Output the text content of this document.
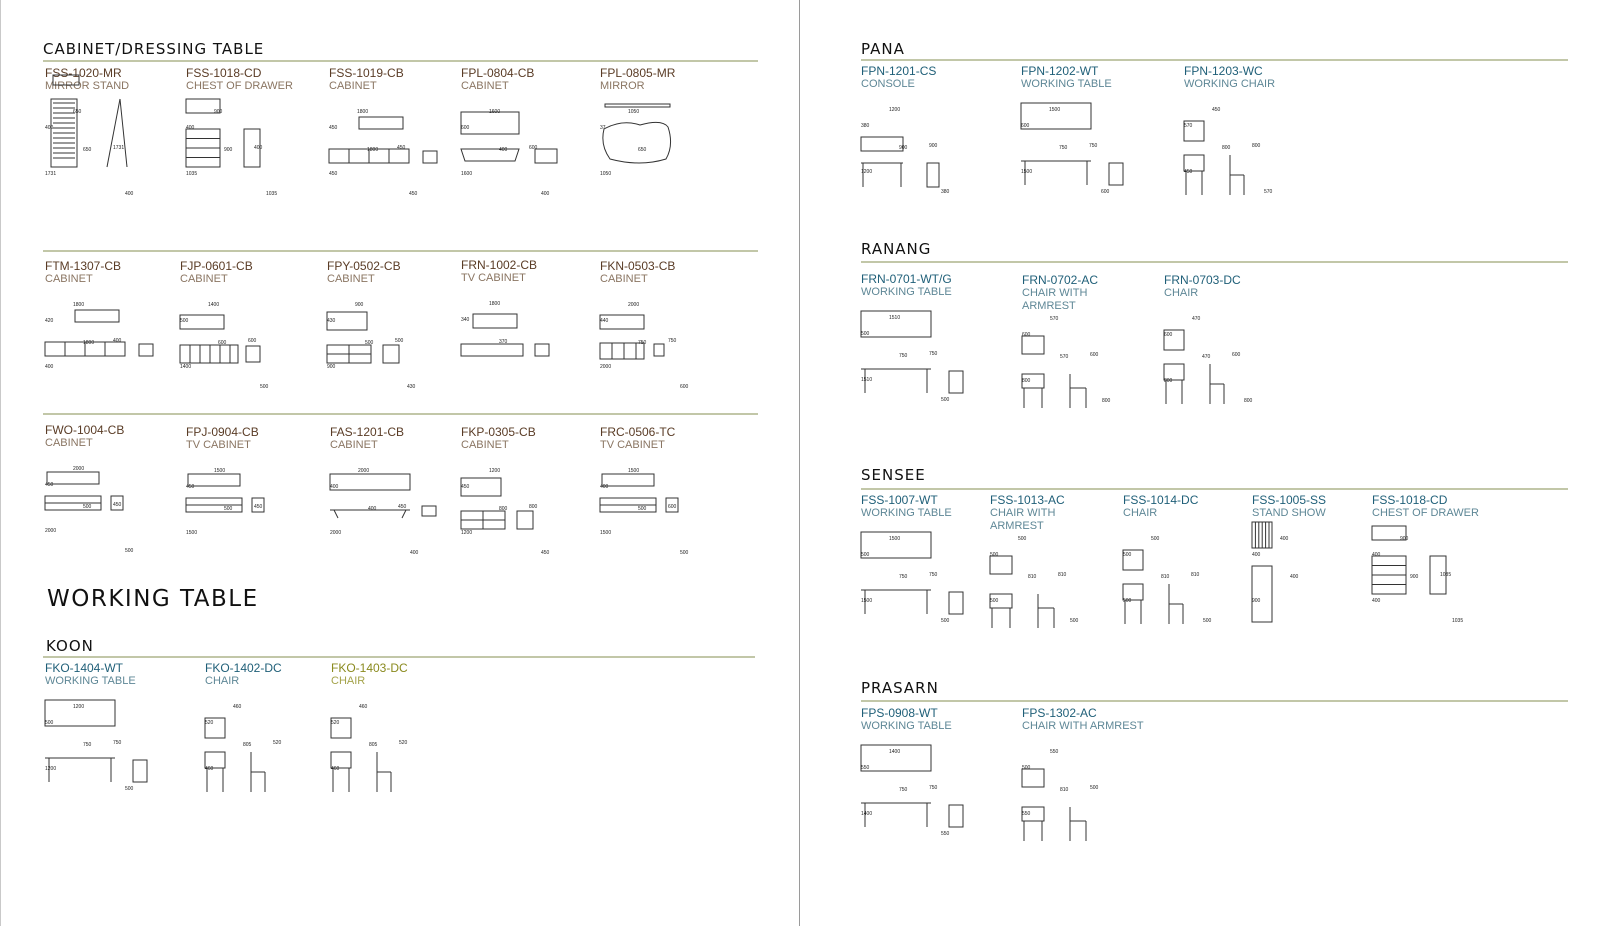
CABINET/DRESSING TABLE
WORKING TABLE
KOON
PANA
RANANG
SENSEE
PRASARN
FSS-1020-MR
MIRROR STAND
650
400
650
1731
1731
400
FSS-1018-CD
CHEST OF DRAWER
900
400
900
1035
400
1035
FSS-1019-CB
CABINET
1800
450
1800
450
450
450
FPL-0804-CB
CABINET
1600
600
400
1600
600
400
FPL-0805-MR
MIRROR
1050
37
650
1050
FTM-1307-CB
CABINET
1800
420
1800
400
400
FJP-0601-CB
CABINET
1400
500
600
1400
600
500
FPY-0502-CB
CABINET
900
430
500
900
500
430
FRN-1002-CB
TV CABINET
1800
340
370
FKN-0503-CB
CABINET
2000
440
750
2000
750
600
FWO-1004-CB
CABINET
2000
450
500
2000
450
500
FPJ-0904-CB
TV CABINET
1500
450
500
1500
450
FAS-1201-CB
CABINET
2000
400
400
2000
450
400
FKP-0305-CB
CABINET
1200
450
800
1200
800
450
FRC-0506-TC
TV CABINET
1500
400
500
1500
600
500
FKO-1404-WT
WORKING TABLE
1200
500
750
1200
750
500
FKO-1402-DC
CHAIR
460
520
805
460
520
FKO-1403-DC
CHAIR
460
520
805
460
520
FPN-1201-CS
CONSOLE
1200
380
900
1200
900
380
FPN-1202-WT
WORKING TABLE
1500
600
750
1500
750
600
FPN-1203-WC
WORKING CHAIR
450
570
800
450
800
570
FRN-0701-WT/G
WORKING TABLE
1510
500
750
1510
750
500
FRN-0702-AC
CHAIR WITH
ARMREST
570
600
570
800
600
800
FRN-0703-DC
CHAIR
470
600
470
800
600
800
FSS-1007-WT
WORKING TABLE
1500
500
750
1500
750
500
FSS-1013-AC
CHAIR WITH
ARMREST
500
500
810
500
810
500
FSS-1014-DC
CHAIR
500
500
810
500
810
500
FSS-1005-SS
STAND SHOW
400
400
400
900
FSS-1018-CD
CHEST OF DRAWER
900
400
900
400
1035
1035
FPS-0908-WT
WORKING TABLE
1400
550
750
1400
750
550
FPS-1302-AC
CHAIR WITH ARMREST
550
500
810
550
500
